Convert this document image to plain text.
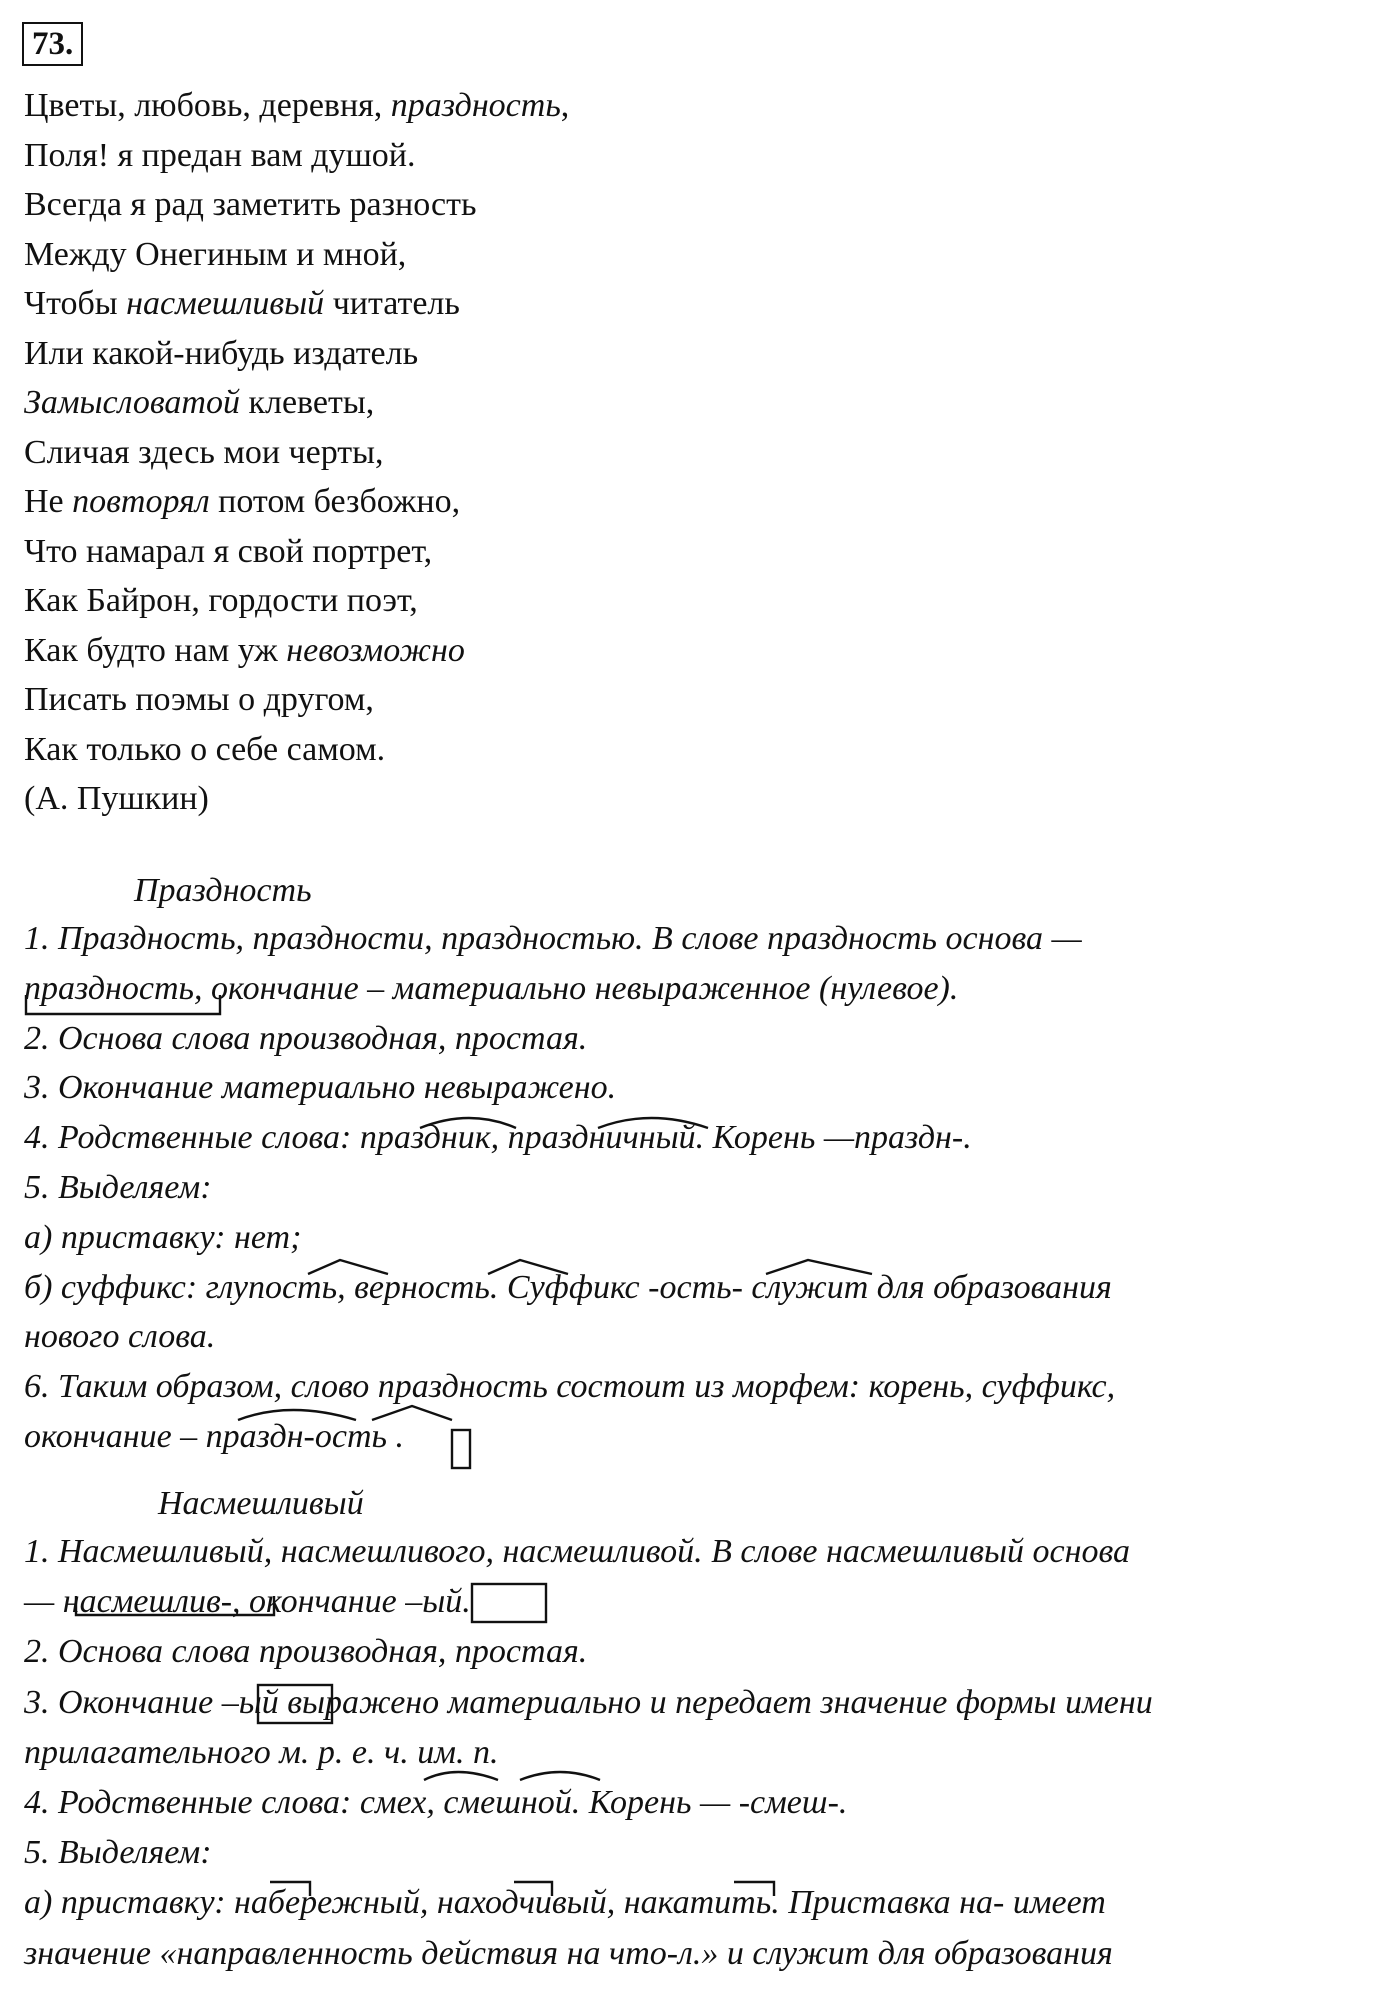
73.
Цветы, любовь, деревня, праздность,
Поля! я предан вам душой.
Всегда я рад заметить разность
Между Онегиным и мной,
Чтобы насмешливый читатель
Или какой-нибудь издатель
Замысловатой клеветы,
Сличая здесь мои черты,
Не повторял потом безбожно,
Что намарал я свой портрет,
Как Байрон, гордости поэт,
Как будто нам уж невозможно
Писать поэмы о другом,
Как только о себе самом.
(А. Пушкин)
Праздность
1. Праздность, праздности, праздностью. В слове праздность основа —
праздность, окончание – материально невыраженное (нулевое).
2. Основа слова производная, простая.
3. Окончание материально невыражено.
4. Родственные слова: праздник, праздничный. Корень —праздн-.
5. Выделяем:
а) приставку: нет;
б) суффикс: глупость, верность. Суффикс -ость- служит для образования
нового слова.
6. Таким образом, слово праздность состоит из морфем: корень, суффикс,
окончание – праздн-ость .
Насмешливый
1. Насмешливый, насмешливого, насмешливой. В слове насмешливый основа
— насмешлив-, окончание –ый.
2. Основа слова производная, простая.
3. Окончание –ый выражено материально и передает значение формы имени
прилагательного м. р. е. ч. им. п.
4. Родственные слова: смех, смешной. Корень — -смеш-.
5. Выделяем:
а) приставку: набережный, находчивый, накатить. Приставка на- имеет
значение «направленность действия на что-л.» и служит для образования
